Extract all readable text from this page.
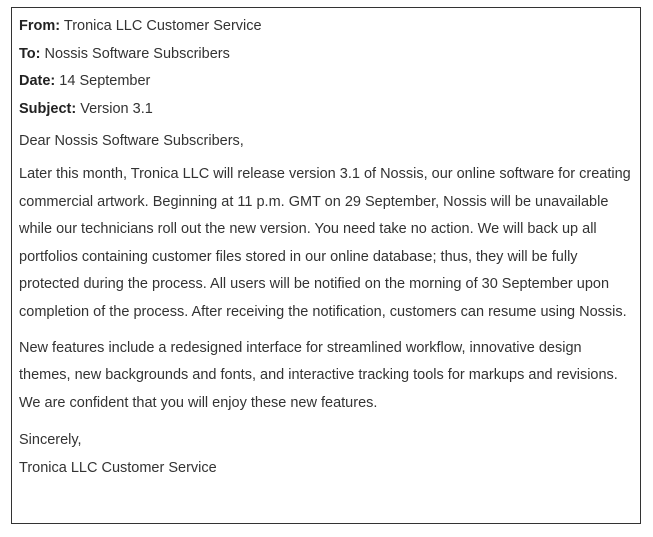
From: Tronica LLC Customer Service
To: Nossis Software Subscribers
Date: 14 September
Subject: Version 3.1

Dear Nossis Software Subscribers,

Later this month, Tronica LLC will release version 3.1 of Nossis, our online software for creating commercial artwork. Beginning at 11 p.m. GMT on 29 September, Nossis will be unavailable while our technicians roll out the new version. You need take no action. We will back up all portfolios containing customer files stored in our online database; thus, they will be fully protected during the process. All users will be notified on the morning of 30 September upon completion of the process. After receiving the notification, customers can resume using Nossis.

New features include a redesigned interface for streamlined workflow, innovative design themes, new backgrounds and fonts, and interactive tracking tools for markups and revisions. We are confident that you will enjoy these new features.

Sincerely,

Tronica LLC Customer Service
